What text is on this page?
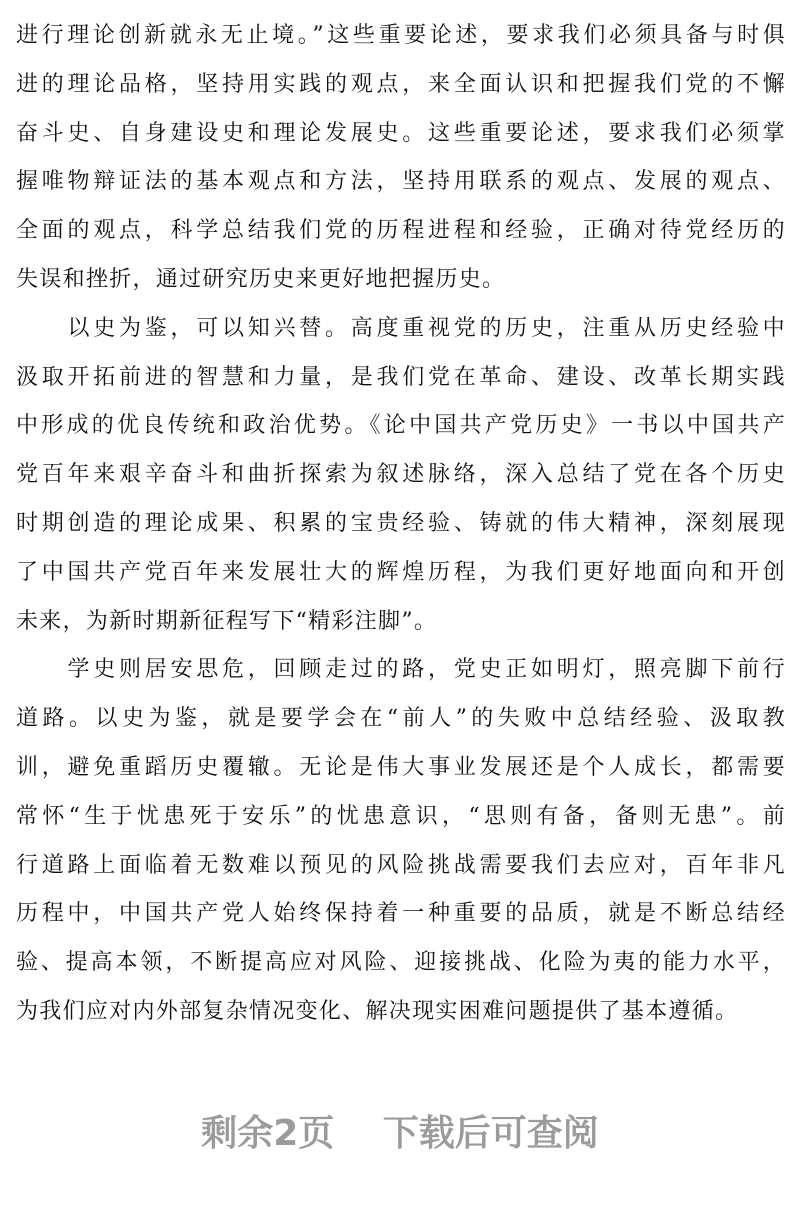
进行理论创新就永无止境。”这些重要论述，要求我们必须具备与时俱
进的理论品格，坚持用实践的观点，来全面认识和把握我们党的不懈
奋斗史、自身建设史和理论发展史。这些重要论述，要求我们必须掌
握唯物辩证法的基本观点和方法，坚持用联系的观点、发展的观点、
全面的观点，科学总结我们党的历程进程和经验，正确对待党经历的
失误和挫折，通过研究历史来更好地把握历史。
　　以史为鉴，可以知兴替。高度重视党的历史，注重从历史经验中
汲取开拓前进的智慧和力量，是我们党在革命、建设、改革长期实践
中形成的优良传统和政治优势。《论中国共产党历史》一书以中国共产
党百年来艰辛奋斗和曲折探索为叙述脉络，深入总结了党在各个历史
时期创造的理论成果、积累的宝贵经验、铸就的伟大精神，深刻展现
了中国共产党百年来发展壮大的辉煌历程，为我们更好地面向和开创
未来，为新时期新征程写下“精彩注脚”。
　　学史则居安思危，回顾走过的路，党史正如明灯，照亮脚下前行
道路。以史为鉴，就是要学会在“前人”的失败中总结经验、汲取教
训，避免重蹈历史覆辙。无论是伟大事业发展还是个人成长，都需要
常怀“生于忧患死于安乐”的忧患意识，“思则有备，备则无患”。前
行道路上面临着无数难以预见的风险挑战需要我们去应对，百年非凡
历程中，中国共产党人始终保持着一种重要的品质，就是不断总结经
验、提高本领，不断提高应对风险、迎接挑战、化险为夷的能力水平，
为我们应对内外部复杂情况变化、解决现实困难问题提供了基本遵循。
剩余2页 下载后可查阅
